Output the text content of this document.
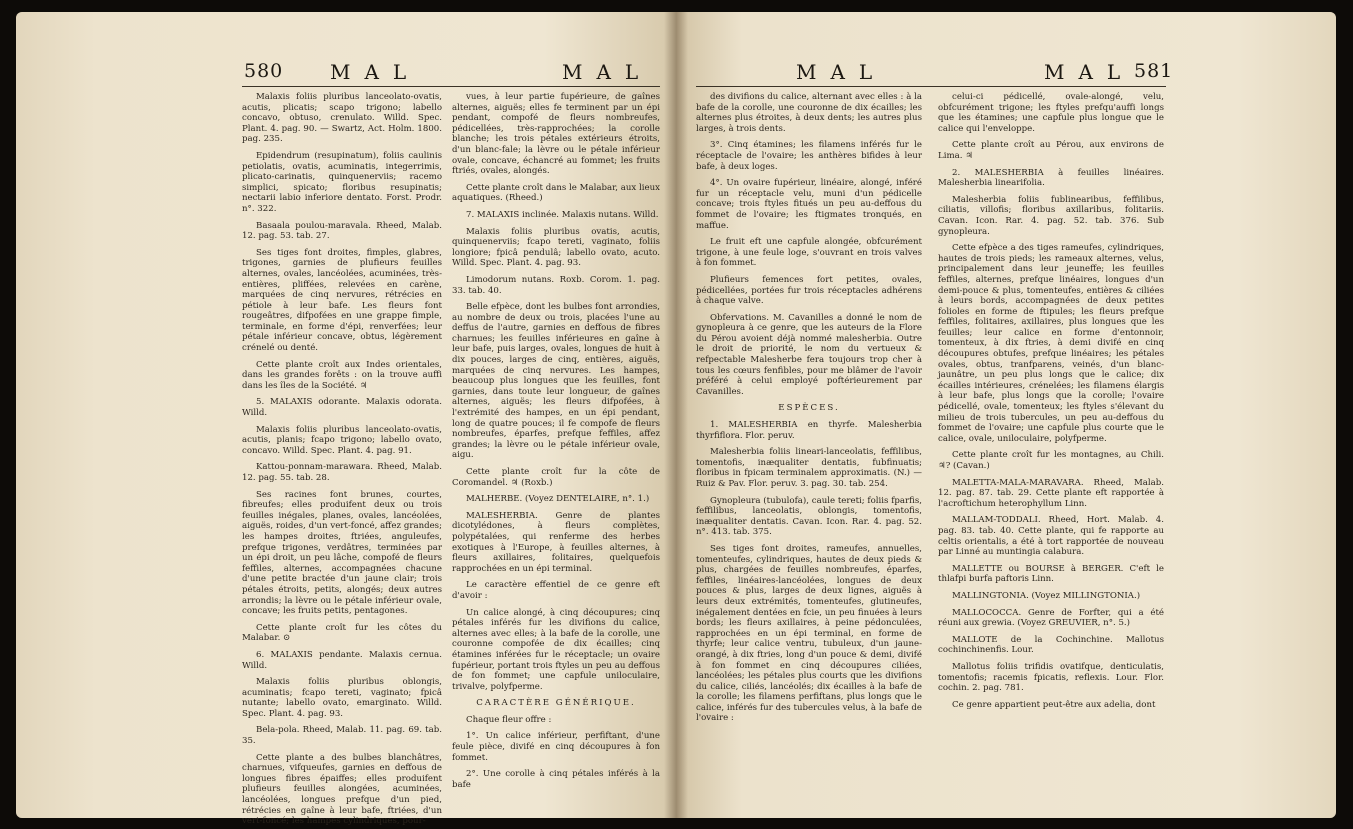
580 MAL	MAL

Malaxis foliis pluribus lanceolato-ovatis, acutis, plicatis; scapo trigono; labello concavo, obtuso, crenulato. Willd. Spec. Plant. 4. pag. 90. — Swartz, Act. Holm. 1800. pag. 235.

Epidendrum (resupinatum), foliis caulinis petiolatis, ovatis, acuminatis, integerrimis, plicato-carinatis, quinquenerviis; racemo simplici, spicato; floribus resupinatis; nectarii labio inferiore dentato. Forst. Prodr. n°. 322.

Basaala poulou-maravala. Rheed, Malab. 12. pag. 53. tab. 27.

Ses tiges font droites, fimples, glabres, trigones, garnies de plufieurs feuilles alternes, ovales, lancéolées, acuminées, très-entières, pliffées, relevées en carène, marquées de cinq nervures, rétrécies en pétiole à leur bafe. Les fleurs font rougeâtres, difpofées en une grappe fimple, terminale, en forme d'épi, renverfées; leur pétale inférieur concave, obtus, légèrement crénelé ou denté.

Cette plante croît aux Indes orientales, dans les grandes forêts : on la trouve auffi dans les îles de la Société. ♃

5. MALAXIS odorante. Malaxis odorata. Willd.

Malaxis foliis pluribus lanceolato-ovatis, acutis, planis; fcapo trigono; labello ovato, concavo. Willd. Spec. Plant. 4. pag. 91.

Kattou-ponnam-marawara. Rheed, Malab. 12. pag. 55. tab. 28.

Ses racines font brunes, courtes, fibreufes; elles produifent deux ou trois feuilles inégales, planes, ovales, lancéolées, aiguës, roides, d'un vert-foncé, affez grandes; les hampes droites, ftriées, anguleufes, prefque trigones, verdâtres, terminées par un épi droit, un peu lâche, compofé de fleurs feffiles, alternes, accompagnées chacune d'une petite bractée d'un jaune clair; trois pétales étroits, petits, alongés; deux autres arrondis; la lèvre ou le pétale inférieur ovale, concave; les fruits petits, pentagones.

Cette plante croît fur les côtes du Malabar. ⊙

6. MALAXIS pendante. Malaxis cernua. Willd.

Malaxis foliis pluribus oblongis, acuminatis; fcapo tereti, vaginato; fpicâ nutante; labello ovato, emarginato. Willd. Spec. Plant. 4. pag. 93.

Bela-pola. Rheed, Malab. 11. pag. 69. tab. 35.

Cette plante a des bulbes blanchâtres, charnues, vifqueufes, garnies en deffous de longues fibres épaiffes; elles produifent plufieurs feuilles alongées, acuminées, lancéolées, longues prefque d'un pied, rétrécies en gaîne à leur bafe, ftriées, d'un vert-foncé; les hampes cylindriques, pour-

vues, à leur partie fupérieure, de gaînes alternes, aiguës; elles fe terminent par un épi pendant, compofé de fleurs nombreufes, pédicellées, très-rapprochées; la corolle blanche; les trois pétales extérieurs étroits, d'un blanc-fale; la lèvre ou le pétale inférieur ovale, concave, échancré au fommet; les fruits ftriés, ovales, alongés.

Cette plante croît dans le Malabar, aux lieux aquatiques. (Rheed.)

7. MALAXIS inclinée. Malaxis nutans. Willd.

Malaxis foliis pluribus ovatis, acutis, quinquenerviis; fcapo tereti, vaginato, foliis longiore; fpicâ pendulâ; labello ovato, acuto. Willd. Spec. Plant. 4. pag. 93.

Limodorum nutans. Roxb. Corom. 1. pag. 33. tab. 40.

Belle efpèce, dont les bulbes font arrondies, au nombre de deux ou trois, placées l'une au deffus de l'autre, garnies en deffous de fibres charnues; les feuilles inférieures en gaîne à leur bafe, puis larges, ovales, longues de huit à dix pouces, larges de cinq, entières, aiguës, marquées de cinq nervures. Les hampes, beaucoup plus longues que les feuilles, font garnies, dans toute leur longueur, de gaînes alternes, aiguës; les fleurs difpofées, à l'extrémité des hampes, en un épi pendant, long de quatre pouces; il fe compofe de fleurs nombreufes, éparfes, prefque feffiles, affez grandes; la lèvre ou le pétale inférieur ovale, aigu.

Cette plante croît fur la côte de Coromandel. ♃ (Roxb.)

MALHERBE. (Voyez DENTELAIRE, n°. 1.)

MALESHERBIA. Genre de plantes dicotylédones, à fleurs complètes, polypétalées, qui renferme des herbes exotiques à l'Europe, à feuilles alternes, à fleurs axillaires, folitaires, quelquefois rapprochées en un épi terminal.

Le caractère effentiel de ce genre eft d'avoir :

Un calice alongé, à cinq découpures; cinq pétales inférés fur les divifions du calice, alternes avec elles; à la bafe de la corolle, une couronne compofée de dix écailles; cinq étamines inférées fur le réceptacle; un ovaire fupérieur, portant trois ftyles un peu au deffous de fon fommet; une capfule uniloculaire, trivalve, polyfperme.

CARACTÈRE GÉNÉRIQUE.

Chaque fleur offre :

1°. Un calice inférieur, perfiftant, d'une feule pièce, divifé en cinq découpures à fon fommet.

2°. Une corolle à cinq pétales inférés à la bafe

MAL	MAL 581

des divifions du calice, alternant avec elles : à la bafe de la corolle, une couronne de dix écailles; les alternes plus étroites, à deux dents; les autres plus larges, à trois dents.

3°. Cinq étamines; les filamens inférés fur le réceptacle de l'ovaire; les anthères bifides à leur bafe, à deux loges.

4°. Un ovaire fupérieur, linéaire, alongé, inféré fur un réceptacle velu, muni d'un pédicelle concave; trois ftyles fitués un peu au-deffous du fommet de l'ovaire; les ftigmates tronqués, en maffue.

Le fruit eft une capfule alongée, obfcurément trigone, à une feule loge, s'ouvrant en trois valves à fon fommet.

Plufieurs femences fort petites, ovales, pédicellées, portées fur trois réceptacles adhérens à chaque valve.

Obfervations. M. Cavanilles a donné le nom de gynopleura à ce genre, que les auteurs de la Flore du Pérou avoient déjà nommé malesherbia. Outre le droit de priorité, le nom du vertueux & refpectable Malesherbe fera toujours trop cher à tous les cœurs fenfibles, pour me blâmer de l'avoir préféré à celui employé poftérieurement par Cavanilles.

ESPÈCES.

1. MALESHERBIA en thyrfe. Malesherbia thyrfiflora. Flor. peruv.

Malesherbia foliis lineari-lanceolatis, feffilibus, tomentofis, inæqualiter dentatis, fubfinuatis; floribus in fpicam terminalem approximatis. (N.) — Ruiz & Pav. Flor. peruv. 3. pag. 30. tab. 254.

Gynopleura (tubulofa), caule tereti; foliis fparfis, feffilibus, lanceolatis, oblongis, tomentofis, inæqualiter dentatis. Cavan. Icon. Rar. 4. pag. 52. n°. 413. tab. 375.

Ses tiges font droites, rameufes, annuelles, tomenteufes, cylindriques, hautes de deux pieds & plus, chargées de feuilles nombreufes, éparfes, feffiles, linéaires-lancéolées, longues de deux pouces & plus, larges de deux lignes, aiguës à leurs deux extrémités, tomenteufes, glutineufes, inégalement dentées en fcie, un peu finuées à leurs bords; les fleurs axillaires, à peine pédonculées, rapprochées en un épi terminal, en forme de thyrfe; leur calice ventru, tubuleux, d'un jaune-orangé, à dix ftries, long d'un pouce & demi, divifé à fon fommet en cinq découpures ciliées, lancéolées; les pétales plus courts que les divifions du calice, ciliés, lancéolés; dix écailles à la bafe de la corolle; les filamens perfiftans, plus longs que le calice, inférés fur des tubercules velus, à la bafe de l'ovaire :

celui-ci pédicellé, ovale-alongé, velu, obfcurément trigone; les ftyles prefqu'auffi longs que les étamines; une capfule plus longue que le calice qui l'enveloppe.

Cette plante croît au Pérou, aux environs de Lima. ♃

2. MALESHERBIA à feuilles linéaires. Malesherbia linearifolia.

Malesherbia foliis fublinearibus, feffilibus, ciliatis, villofis; floribus axillaribus, folitariis. Cavan. Icon. Rar. 4. pag. 52. tab. 376. Sub gynopleura.

Cette efpèce a des tiges rameufes, cylindriques, hautes de trois pieds; les rameaux alternes, velus, principalement dans leur jeuneffe; les feuilles feffiles, alternes, prefque linéaires, longues d'un demi-pouce & plus, tomenteufes, entières & ciliées à leurs bords, accompagnées de deux petites folioles en forme de ftipules; les fleurs prefque feffiles, folitaires, axillaires, plus longues que les feuilles; leur calice en forme d'entonnoir, tomenteux, à dix ftries, à demi divifé en cinq découpures obtufes, prefque linéaires; les pétales ovales, obtus, tranfparens, veinés, d'un blanc-jaunâtre, un peu plus longs que le calice; dix écailles intérieures, crénelées; les filamens élargis à leur bafe, plus longs que la corolle; l'ovaire pédicellé, ovale, tomenteux; les ftyles s'élevant du milieu de trois tubercules, un peu au-deffous du fommet de l'ovaire; une capfule plus courte que le calice, ovale, uniloculaire, polyfperme.

Cette plante croît fur les montagnes, au Chili. ♃? (Cavan.)

MALETTA-MALA-MARAVARA. Rheed, Malab. 12. pag. 87. tab. 29. Cette plante eft rapportée à l'acroftichum heterophyllum Linn.

MALLAM-TODDALI. Rheed, Hort. Malab. 4. pag. 83. tab. 40. Cette plante, qui fe rapporte au celtis orientalis, a été à tort rapportée de nouveau par Linné au muntingia calabura.

MALLETTE ou BOURSE à BERGER. C'eft le thlafpi burfa paftoris Linn.

MALLINGTONIA. (Voyez MILLINGTONIA.)

MALLOCOCCA. Genre de Forfter, qui a été réuni aux grewia. (Voyez GREUVIER, n°. 5.)

MALLOTE de la Cochinchine. Mallotus cochinchinenfis. Lour.

Mallotus foliis trifidis ovatifque, denticulatis, tomentofis; racemis fpicatis, reflexis. Lour. Flor. cochin. 2. pag. 781.

Ce genre appartient peut-être aux adelia, dont
